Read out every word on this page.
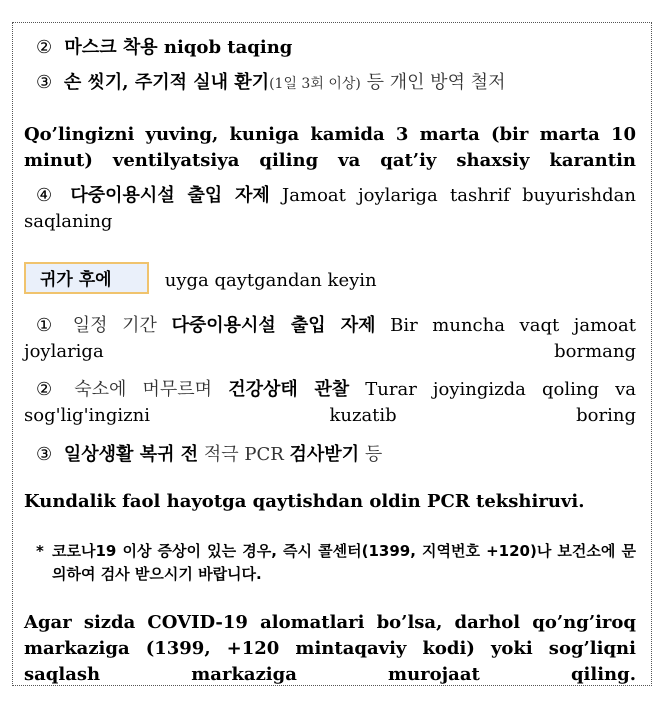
② 마스크 착용 niqob taqing
③ 손 씻기, 주기적 실내 환기(1일 3회 이상) 등 개인 방역 철저
Qo’lingizni yuving, kuniga kamida 3 marta (bir marta 10 minut) ventilyatsiya qiling va qat’iy shaxsiy karantin
④ 다중이용시설 출입 자제 Jamoat joylariga tashrif buyurishdan saqlaning
귀가 후에	uyga qaytgandan keyin
① 일정 기간 다중이용시설 출입 자제 Bir muncha vaqt jamoat joylariga bormang
② 숙소에 머무르며 건강상태 관찰 Turar joyingizda qoling va sog'lig'ingizni kuzatib boring
③ 일상생활 복귀 전 적극 PCR 검사받기 등
Kundalik faol hayotga qaytishdan oldin PCR tekshiruvi.
* 코로나19 이상 증상이 있는 경우, 즉시 콜센터(1399, 지역번호 +120)나 보건소에 문의하여 검사 받으시기 바랍니다.
Agar sizda COVID-19 alomatlari bo’lsa, darhol qo’ng’iroq markaziga (1399, +120 mintaqaviy kodi) yoki sog’liqni saqlash markaziga murojaat qiling.
